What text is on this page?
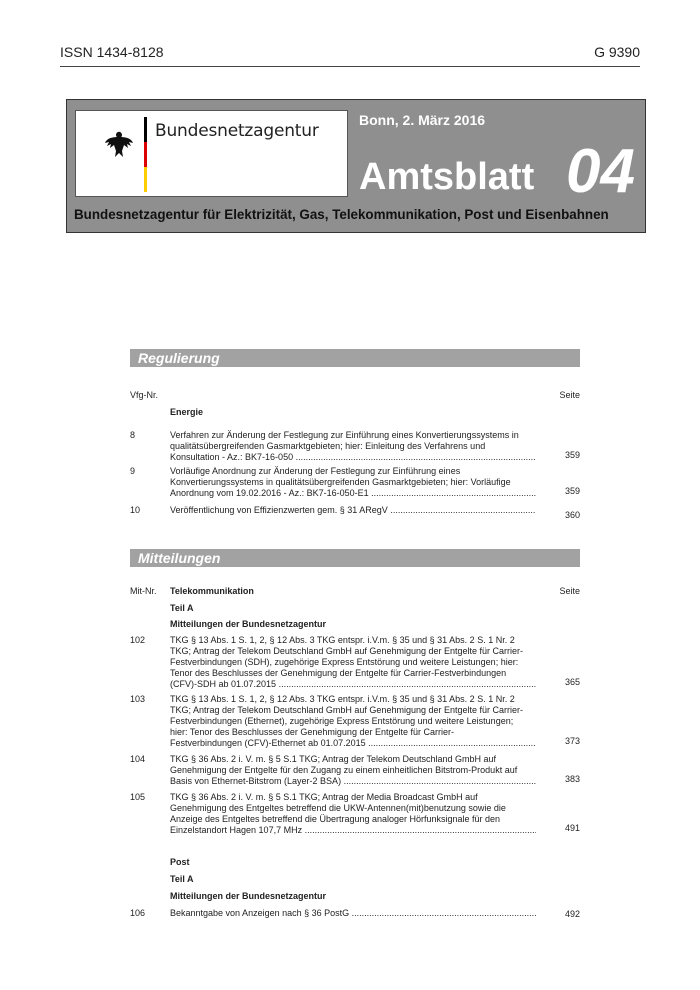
ISSN 1434-8128	G 9390
Bundesnetzagentur
Bonn, 2. März 2016
Amtsblatt 04
Bundesnetzagentur für Elektrizität, Gas, Telekommunikation, Post und Eisenbahnen
Regulierung
Vfg-Nr.	Seite
Energie
8	Verfahren zur Änderung der Festlegung zur Einführung eines Konvertierungssystems in
qualitätsübergreifenden Gasmarktgebieten; hier: Einleitung des Verfahrens und
Konsultation - Az.: BK7-16-050 .....	359
9	Vorläufige Anordnung zur Änderung der Festlegung zur Einführung eines
Konvertierungssystems in qualitätsübergreifenden Gasmarktgebieten; hier: Vorläufige
Anordnung vom 19.02.2016 - Az.: BK7-16-050-E1 .....	359
10	Veröffentlichung von Effizienzwerten gem. § 31 ARegV .....	360
Mitteilungen
Mit-Nr. Telekommunikation	Seite
Teil A
Mitteilungen der Bundesnetzagentur
102	TKG § 13 Abs. 1 S. 1, 2, § 12 Abs. 3 TKG entspr. i.V.m. § 35 und § 31 Abs. 2 S. 1 Nr. 2
TKG; Antrag der Telekom Deutschland GmbH auf Genehmigung der Entgelte für Carrier-
Festverbindungen (SDH), zugehörige Express Entstörung und weitere Leistungen; hier:
Tenor des Beschlusses der Genehmigung der Entgelte für Carrier-Festverbindungen
(CFV)-SDH ab 01.07.2015 .....	365
103	TKG § 13 Abs. 1 S. 1, 2, § 12 Abs. 3 TKG entspr. i.V.m. § 35 und § 31 Abs. 2 S. 1 Nr. 2
TKG; Antrag der Telekom Deutschland GmbH auf Genehmigung der Entgelte für Carrier-
Festverbindungen (Ethernet), zugehörige Express Entstörung und weitere Leistungen;
hier: Tenor des Beschlusses der Genehmigung der Entgelte für Carrier-
Festverbindungen (CFV)-Ethernet ab 01.07.2015 .....	373
104	TKG § 36 Abs. 2 i. V. m. § 5 S.1 TKG; Antrag der Telekom Deutschland GmbH auf
Genehmigung der Entgelte für den Zugang zu einem einheitlichen Bitstrom-Produkt auf
Basis von Ethernet-Bitstrom (Layer-2 BSA) .....	383
105	TKG § 36 Abs. 2 i. V. m. § 5 S.1 TKG; Antrag der Media Broadcast GmbH auf
Genehmigung des Entgeltes betreffend die UKW-Antennen(mit)benutzung sowie die
Anzeige des Entgeltes betreffend die Übertragung analoger Hörfunksignale für den
Einzelstandort Hagen 107,7 MHz .....	491
Post
Teil A
Mitteilungen der Bundesnetzagentur
106	Bekanntgabe von Anzeigen nach § 36 PostG .....	492
